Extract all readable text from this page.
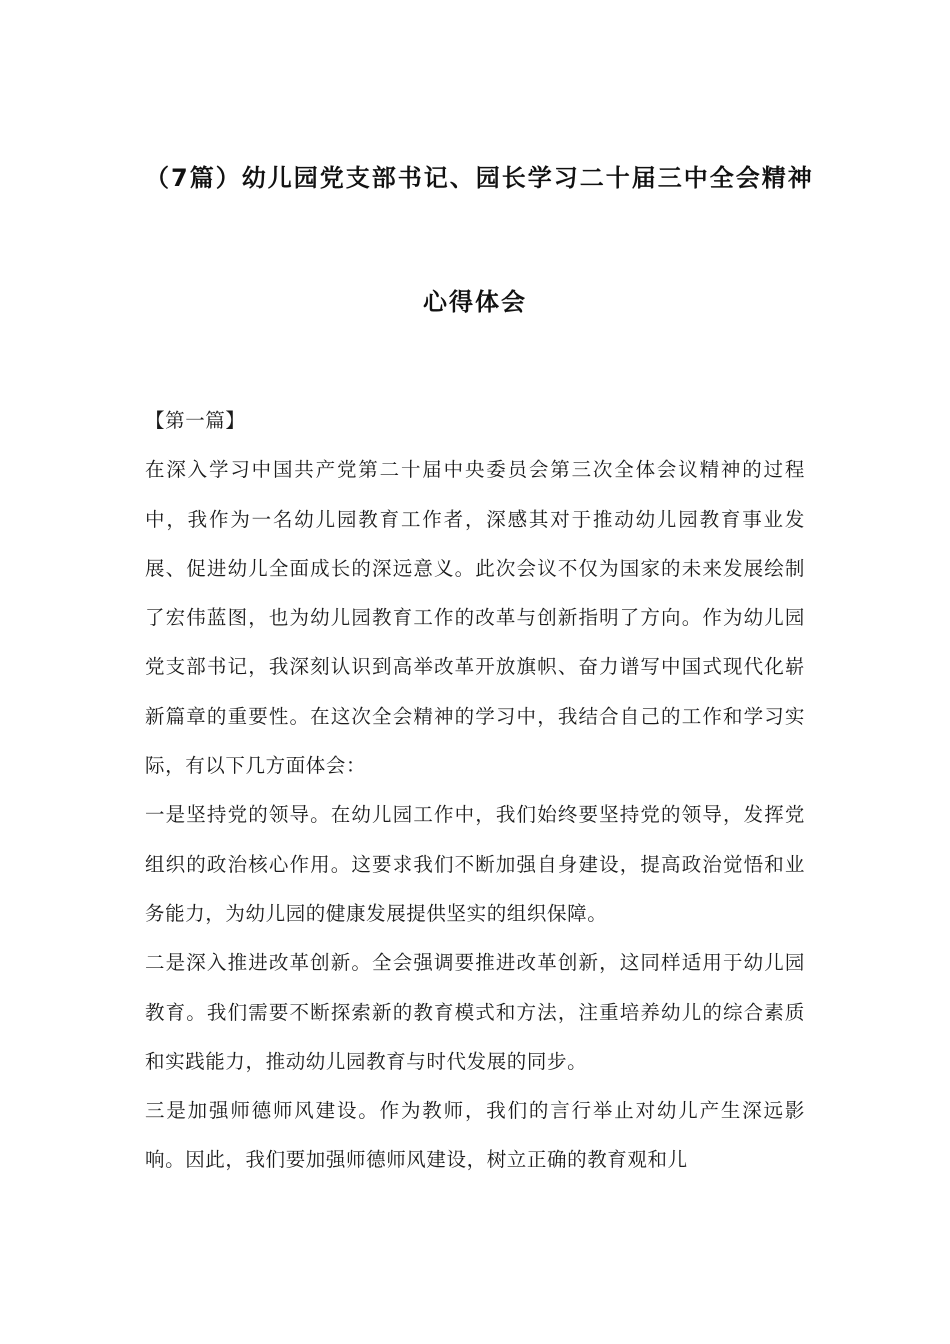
（7篇）幼儿园党支部书记、园长学习二十届三中全会精神
心得体会

【第一篇】

在深入学习中国共产党第二十届中央委员会第三次全体会议精神的过程中，我作为一名幼儿园教育工作者，深感其对于推动幼儿园教育事业发展、促进幼儿全面成长的深远意义。此次会议不仅为国家的未来发展绘制了宏伟蓝图，也为幼儿园教育工作的改革与创新指明了方向。作为幼儿园党支部书记，我深刻认识到高举改革开放旗帜、奋力谱写中国式现代化崭新篇章的重要性。在这次全会精神的学习中，我结合自己的工作和学习实际，有以下几方面体会：

一是坚持党的领导。在幼儿园工作中，我们始终要坚持党的领导，发挥党组织的政治核心作用。这要求我们不断加强自身建设，提高政治觉悟和业务能力，为幼儿园的健康发展提供坚实的组织保障。

二是深入推进改革创新。全会强调要推进改革创新，这同样适用于幼儿园教育。我们需要不断探索新的教育模式和方法，注重培养幼儿的综合素质和实践能力，推动幼儿园教育与时代发展的同步。

三是加强师德师风建设。作为教师，我们的言行举止对幼儿产生深远影响。因此，我们要加强师德师风建设，树立正确的教育观和儿
